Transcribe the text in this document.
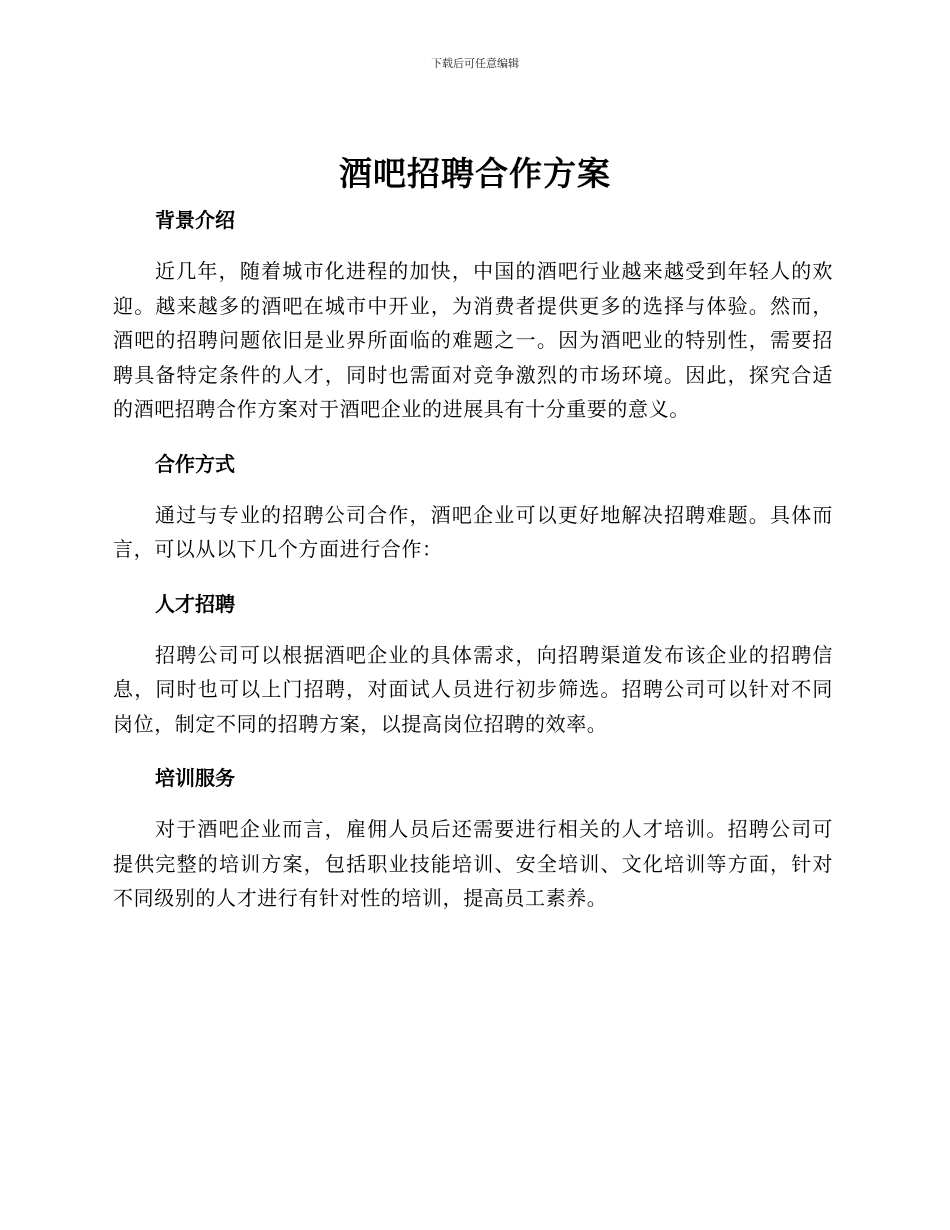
下载后可任意编辑
酒吧招聘合作方案
背景介绍

近几年，随着城市化进程的加快，中国的酒吧行业越来越受到年轻人的欢迎。越来越多的酒吧在城市中开业，为消费者提供更多的选择与体验。然而，酒吧的招聘问题依旧是业界所面临的难题之一。因为酒吧业的特别性，需要招聘具备特定条件的人才，同时也需面对竞争激烈的市场环境。因此，探究合适的酒吧招聘合作方案对于酒吧企业的进展具有十分重要的意义。

合作方式

通过与专业的招聘公司合作，酒吧企业可以更好地解决招聘难题。具体而言，可以从以下几个方面进行合作：

人才招聘

招聘公司可以根据酒吧企业的具体需求，向招聘渠道发布该企业的招聘信息，同时也可以上门招聘，对面试人员进行初步筛选。招聘公司可以针对不同岗位，制定不同的招聘方案，以提高岗位招聘的效率。

培训服务

对于酒吧企业而言，雇佣人员后还需要进行相关的人才培训。招聘公司可提供完整的培训方案，包括职业技能培训、安全培训、文化培训等方面，针对不同级别的人才进行有针对性的培训，提高员工素养。
